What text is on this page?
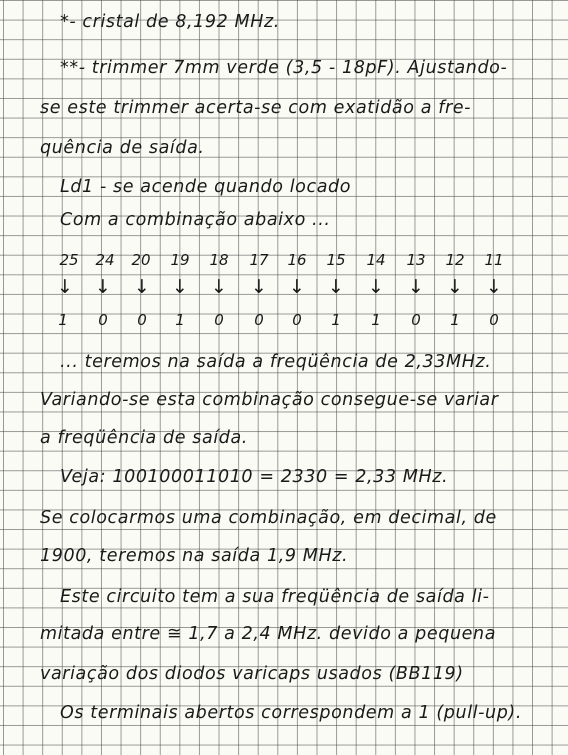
*- cristal de 8,192 MHz.
**- trimmer 7mm verde (3,5 - 18pF). Ajustando-
se este trimmer acerta-se com exatidão a fre-
quência de saída.
Ld1 - se acende quando locado
Com a combinação abaixo ...
25	24	20	19	18	17	16	15	14	13	12	11
↓	↓	↓	↓	↓	↓	↓	↓	↓	↓	↓	↓
1	0	0	1	0	0	0	1	1	0	1	0
... teremos na saída a freqüência de 2,33MHz.
Variando-se esta combinação consegue-se variar
a freqüência de saída.
Veja: 100100011010 = 2330 = 2,33 MHz.
Se colocarmos uma combinação, em decimal, de
1900, teremos na saída 1,9 MHz.
Este circuito tem a sua freqüência de saída li-
mitada entre ≅ 1,7 a 2,4 MHz. devido a pequena
variação dos diodos varicaps usados (BB119)
Os terminais abertos correspondem a 1 (pull-up).
